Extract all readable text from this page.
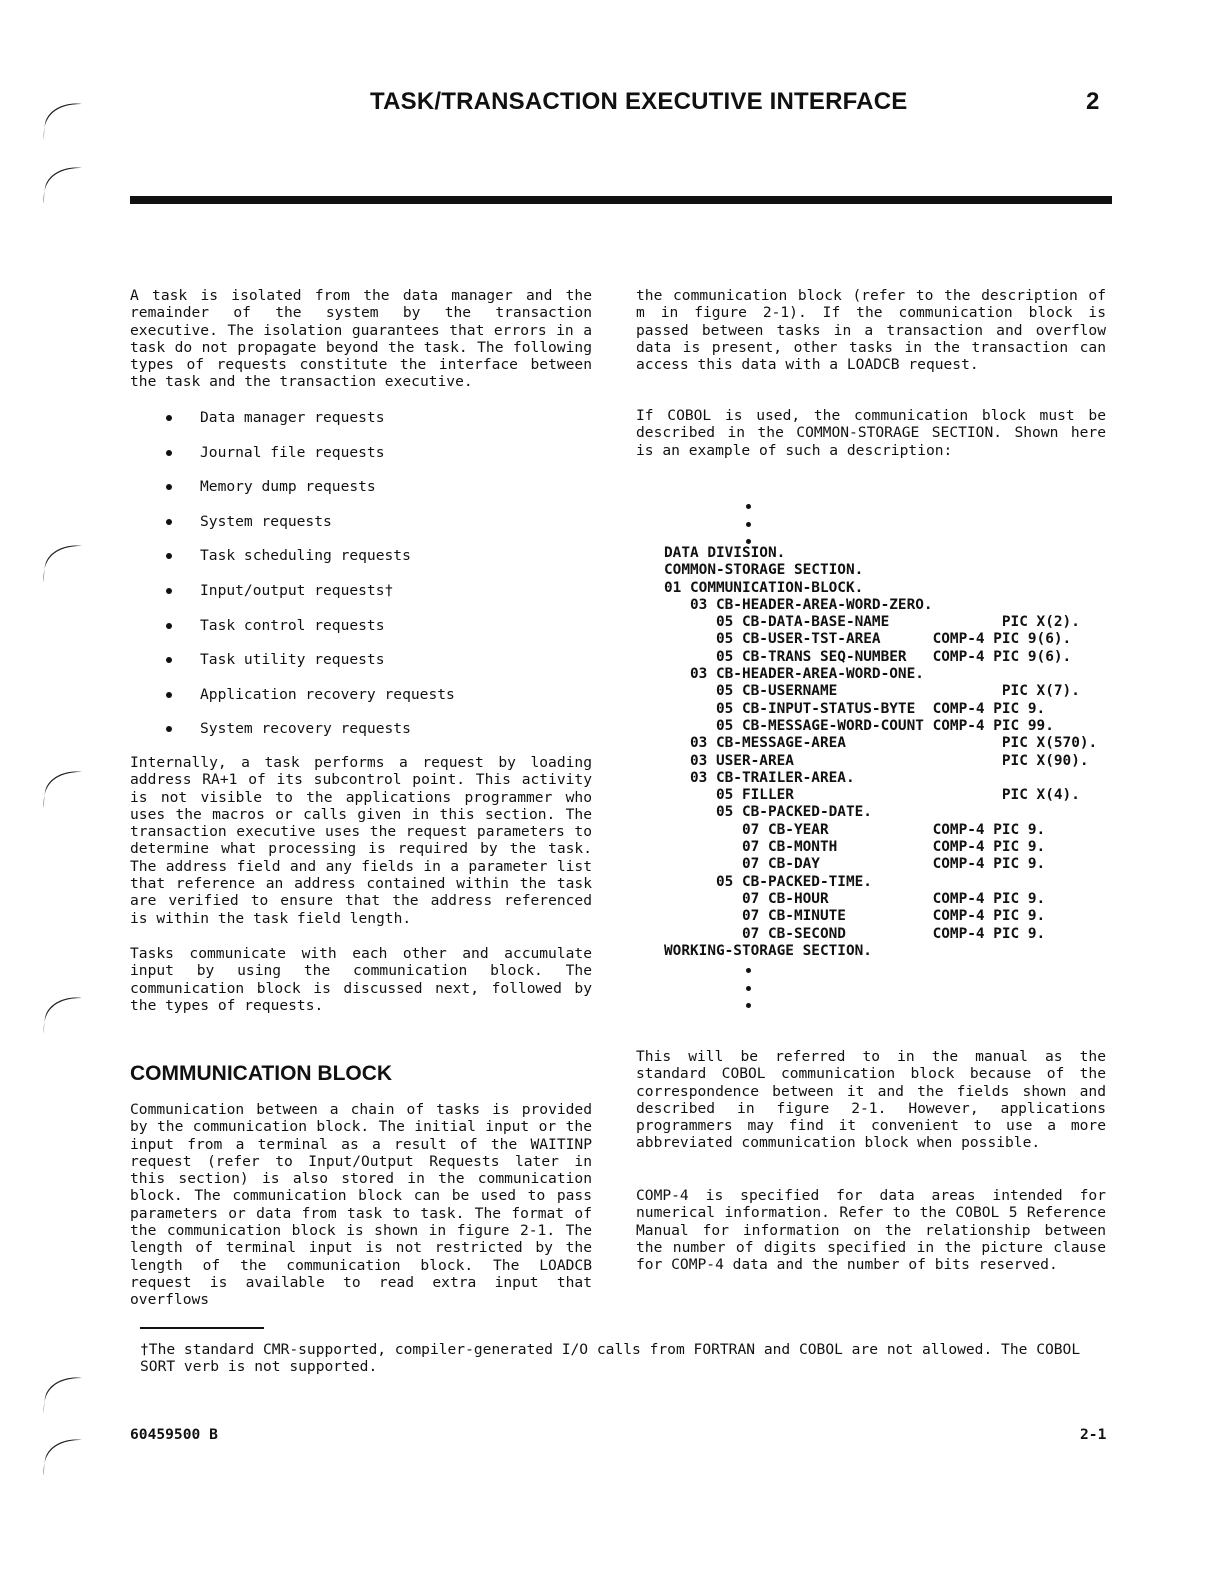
TASK/TRANSACTION EXECUTIVE INTERFACE	2

A task is isolated from the data manager and the remainder of the system by the transaction executive. The isolation guarantees that errors in a task do not propagate beyond the task. The following types of requests constitute the interface between the task and the transaction executive.

Data manager requests
Journal file requests
Memory dump requests
System requests
Task scheduling requests
Input/output requests†
Task control requests
Task utility requests
Application recovery requests
System recovery requests

Internally, a task performs a request by loading address RA+1 of its subcontrol point. This activity is not visible to the applications programmer who uses the macros or calls given in this section. The transaction executive uses the request parameters to determine what processing is required by the task. The address field and any fields in a parameter list that reference an address contained within the task are verified to ensure that the address referenced is within the task field length.

Tasks communicate with each other and accumulate input by using the communication block. The communication block is discussed next, followed by the types of requests.

COMMUNICATION BLOCK

Communication between a chain of tasks is provided by the communication block. The initial input or the input from a terminal as a result of the WAITINP request (refer to Input/Output Requests later in this section) is also stored in the communication block. The communication block can be used to pass parameters or data from task to task. The format of the communication block is shown in figure 2-1. The length of terminal input is not restricted by the length of the communication block. The LOADCB request is available to read extra input that overflows

the communication block (refer to the description of m in figure 2-1). If the communication block is passed between tasks in a transaction and overflow data is present, other tasks in the transaction can access this data with a LOADCB request.

If COBOL is used, the communication block must be described in the COMMON-STORAGE SECTION. Shown here is an example of such a description:

DATA DIVISION.
COMMON-STORAGE SECTION.
01 COMMUNICATION-BLOCK.
03 CB-HEADER-AREA-WORD-ZERO.
05 CB-DATA-BASE-NAME             PIC X(2).
05 CB-USER-TST-AREA      COMP-4 PIC 9(6).
05 CB-TRANS SEQ-NUMBER   COMP-4 PIC 9(6).
03 CB-HEADER-AREA-WORD-ONE.
05 CB-USERNAME                   PIC X(7).
05 CB-INPUT-STATUS-BYTE  COMP-4 PIC 9.
05 CB-MESSAGE-WORD-COUNT COMP-4 PIC 99.
03 CB-MESSAGE-AREA                  PIC X(570).
03 USER-AREA                        PIC X(90).
03 CB-TRAILER-AREA.
05 FILLER                        PIC X(4).
05 CB-PACKED-DATE.
07 CB-YEAR            COMP-4 PIC 9.
07 CB-MONTH           COMP-4 PIC 9.
07 CB-DAY             COMP-4 PIC 9.
05 CB-PACKED-TIME.
07 CB-HOUR            COMP-4 PIC 9.
07 CB-MINUTE          COMP-4 PIC 9.
07 CB-SECOND          COMP-4 PIC 9.
WORKING-STORAGE SECTION.

This will be referred to in the manual as the standard COBOL communication block because of the correspondence between it and the fields shown and described in figure 2-1. However, applications programmers may find it convenient to use a more abbreviated communication block when possible.

COMP-4 is specified for data areas intended for numerical information. Refer to the COBOL 5 Reference Manual for information on the relationship between the number of digits specified in the picture clause for COMP-4 data and the number of bits reserved.

†The standard CMR-supported, compiler-generated I/O calls from FORTRAN and COBOL are not allowed. The COBOL
SORT verb is not supported.
60459500 B	2-1
